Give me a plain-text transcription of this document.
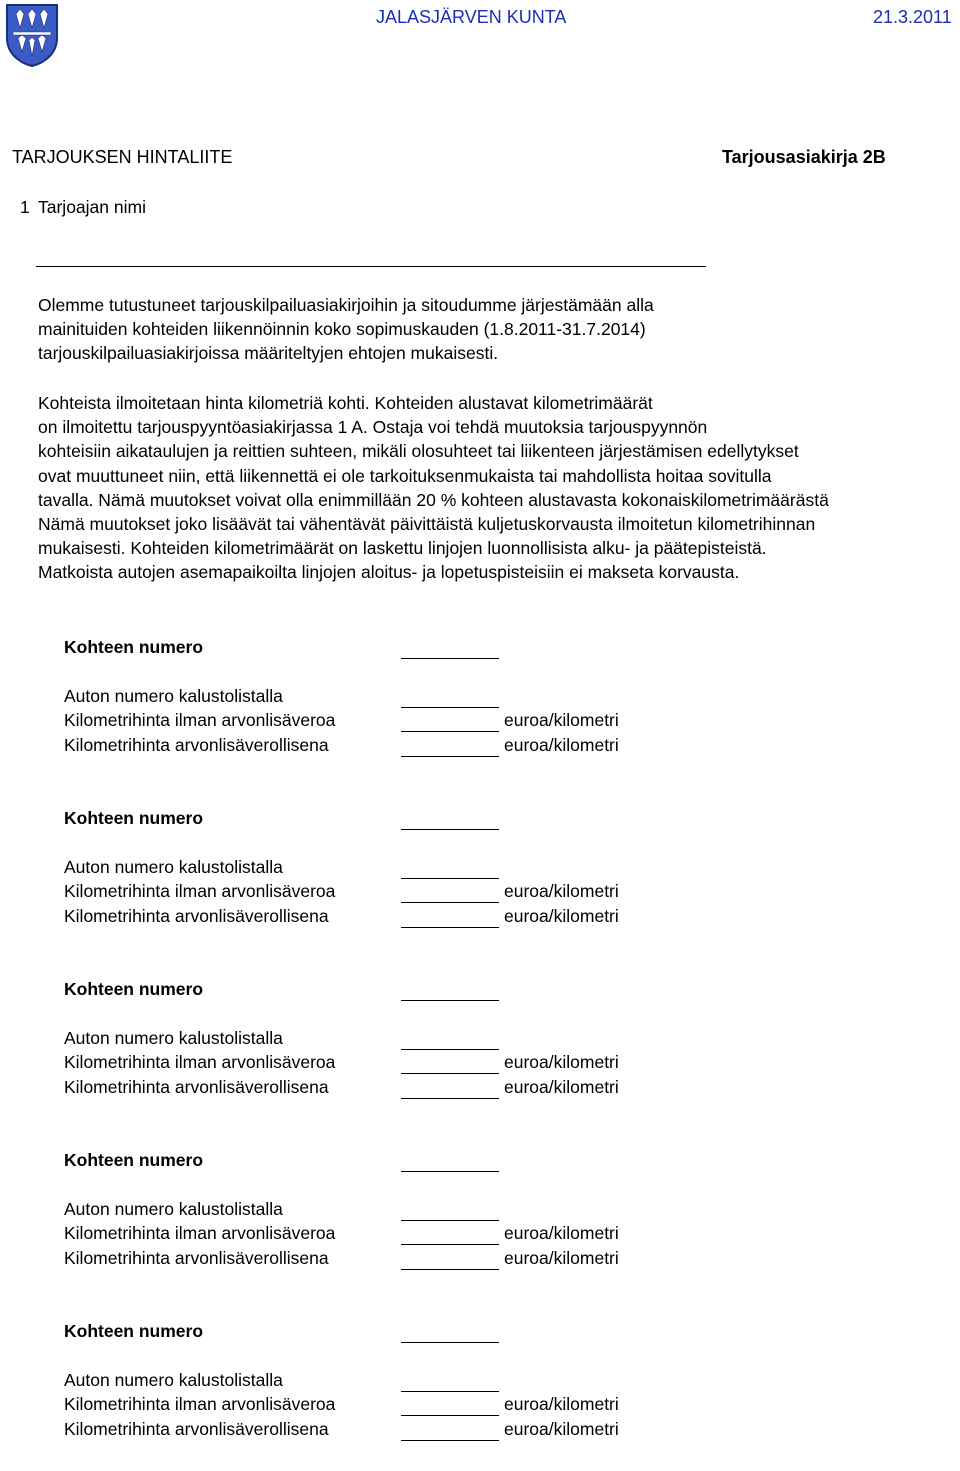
JALASJÄRVEN KUNTA	21.3.2011
TARJOUKSEN HINTALIITE	Tarjousasiakirja 2B
1 Tarjoajan nimi

Olemme tutustuneet tarjouskilpailuasiakirjoihin ja sitoudumme järjestämään alla

mainituiden kohteiden liikennöinnin koko sopimuskauden (1.8.2011-31.7.2014)

tarjouskilpailuasiakirjoissa määriteltyjen ehtojen mukaisesti.

Kohteista ilmoitetaan hinta kilometriä kohti. Kohteiden alustavat kilometrimäärät

on ilmoitettu tarjouspyyntöasiakirjassa 1 A. Ostaja voi tehdä muutoksia tarjouspyynnön

kohteisiin aikataulujen ja reittien suhteen, mikäli olosuhteet tai liikenteen järjestämisen edellytykset

ovat muuttuneet niin, että liikennettä ei ole tarkoituksenmukaista tai mahdollista hoitaa sovitulla

tavalla. Nämä muutokset voivat olla enimmillään 20 % kohteen alustavasta kokonaiskilometrimäärästä

Nämä muutokset joko lisäävät tai vähentävät päivittäistä kuljetuskorvausta ilmoitetun kilometrihinnan

mukaisesti. Kohteiden kilometrimäärät on laskettu linjojen luonnollisista alku- ja päätepisteistä.

Matkoista autojen asemapaikoilta linjojen aloitus- ja lopetuspisteisiin ei makseta korvausta.

Kohteen numero
Auton numero kalustolistalla
Kilometrihinta ilman arvonlisäveroa	euroa/kilometri
Kilometrihinta arvonlisäverollisena	euroa/kilometri
Kohteen numero
Auton numero kalustolistalla
Kilometrihinta ilman arvonlisäveroa	euroa/kilometri
Kilometrihinta arvonlisäverollisena	euroa/kilometri
Kohteen numero
Auton numero kalustolistalla
Kilometrihinta ilman arvonlisäveroa	euroa/kilometri
Kilometrihinta arvonlisäverollisena	euroa/kilometri
Kohteen numero
Auton numero kalustolistalla
Kilometrihinta ilman arvonlisäveroa	euroa/kilometri
Kilometrihinta arvonlisäverollisena	euroa/kilometri
Kohteen numero
Auton numero kalustolistalla
Kilometrihinta ilman arvonlisäveroa	euroa/kilometri
Kilometrihinta arvonlisäverollisena	euroa/kilometri
